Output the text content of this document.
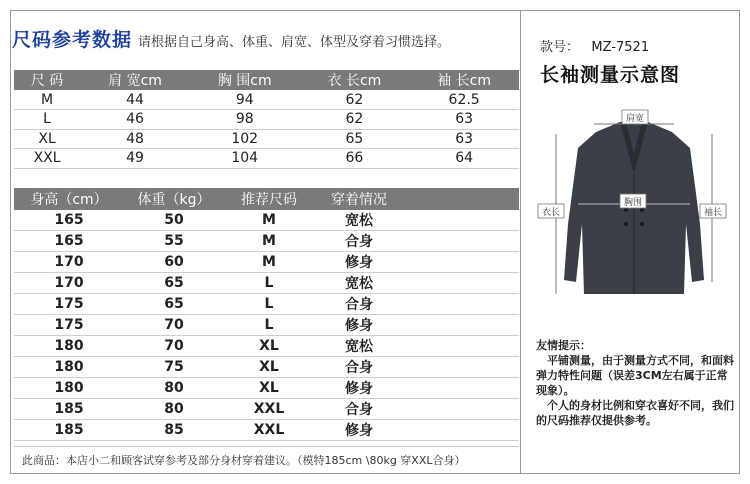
尺码参考数据 请根据自己身高、体重、肩宽、体型及穿着习惯选择。
尺 码	肩 宽cm	胸 围cm	衣 长cm	袖 长cm
M	44	94	62	62.5
L	46	98	62	63
XL	48	102	65	63
XXL	49	104	66	64
身高（cm）	体重（kg）	推荐尺码	穿着情况	
165	50	M	宽松	
165	55	M	合身	
170	60	M	修身	
170	65	L	宽松	
175	65	L	合身	
175	70	L	修身	
180	70	XL	宽松	
180	75	XL	合身	
180	80	XL	修身	
185	80	XXL	合身	
185	85	XXL	修身	
此商品：本店小二和顾客试穿参考及部分身材穿着建议。（模特185cm \80kg 穿XXL合身）
款号： MZ-7521
长袖测量示意图
肩宽
胸围
衣长	袖长
友情提示：

平铺测量，由于测量方式不同，和面料弹力特性问题（误差3CM左右属于正常现象）。

个人的身材比例和穿衣喜好不同，我们的尺码推荐仅提供参考。
